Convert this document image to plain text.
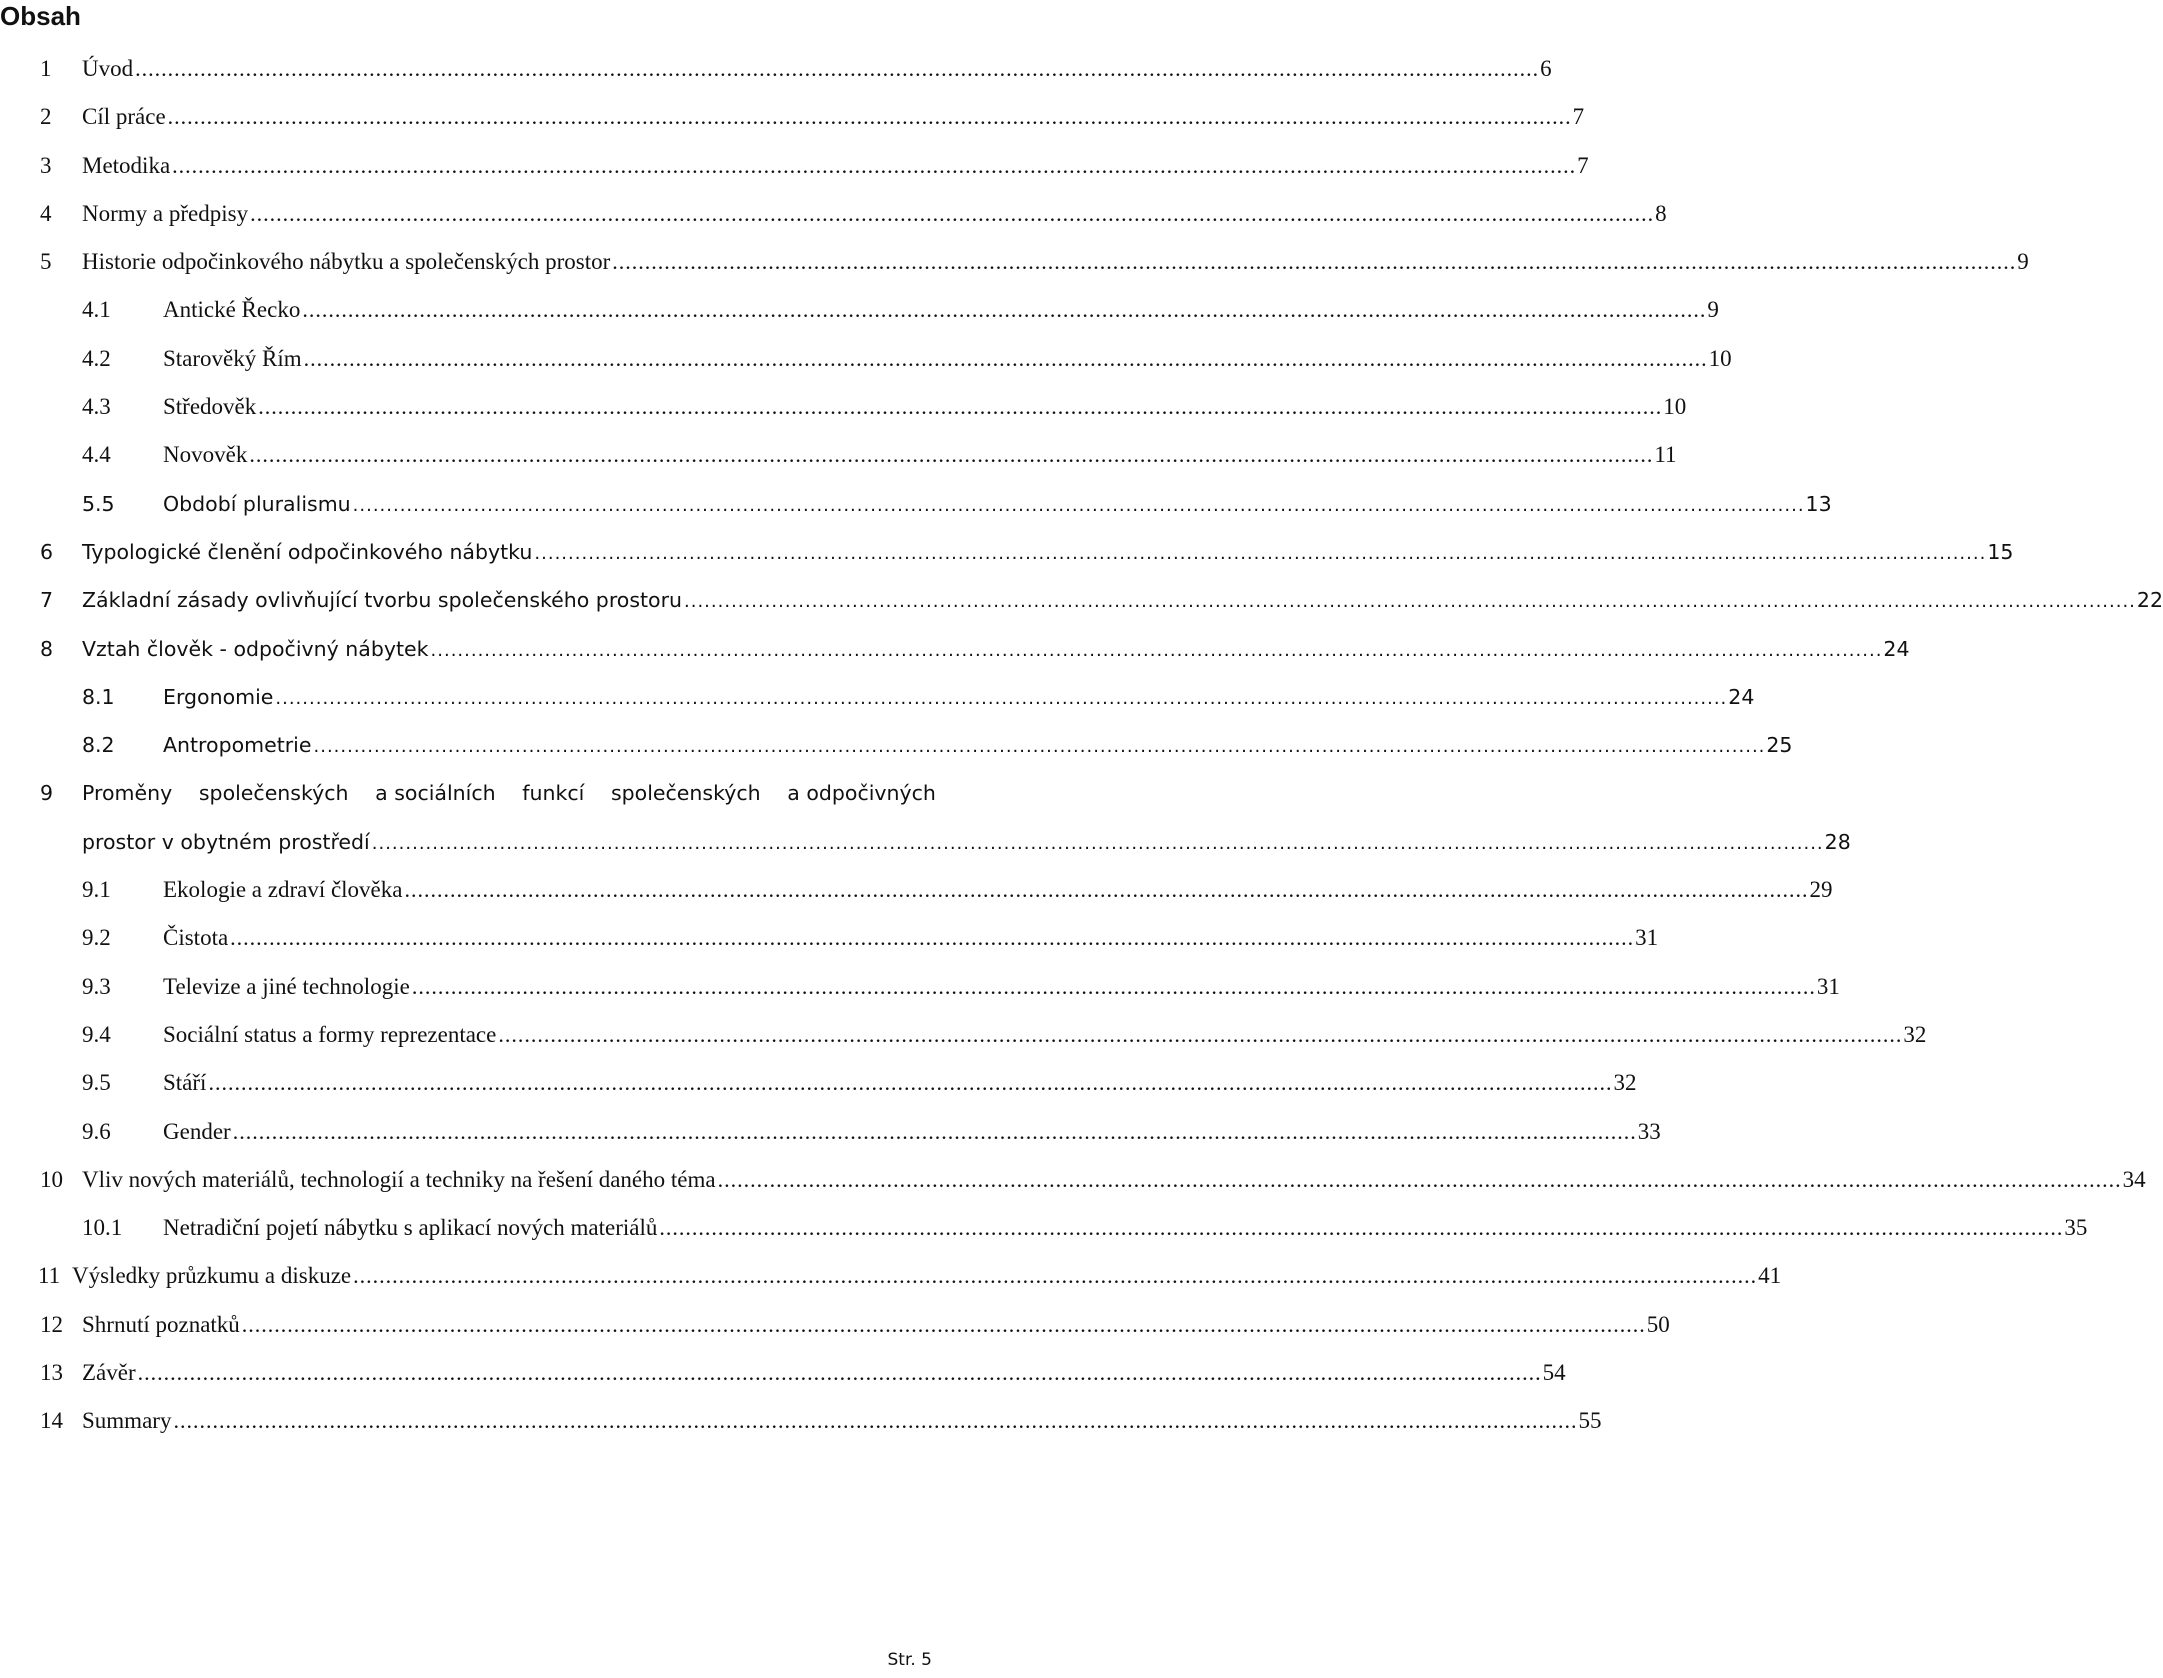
Obsah
1 Úvod ........................................................................................................................................................................................................................ 6
2 Cíl práce ........................................................................................................................................................................................................................ 7
3 Metodika ........................................................................................................................................................................................................................ 7
4 Normy a předpisy ........................................................................................................................................................................................................................ 8
5 Historie odpočinkového nábytku a společenských prostor ........................................................................................................................................................................................................................ 9
4.1 Antické Řecko ........................................................................................................................................................................................................................ 9
4.2 Starověký Řím ........................................................................................................................................................................................................................ 10
4.3 Středověk ........................................................................................................................................................................................................................ 10
4.4 Novověk ........................................................................................................................................................................................................................ 11
5.5 Období pluralismu ........................................................................................................................................................................................................................ 13
6 Typologické členění odpočinkového nábytku ........................................................................................................................................................................................................................ 15
7 Základní zásady ovlivňující tvorbu společenského prostoru ........................................................................................................................................................................................................................ 22
8 Vztah člověk - odpočivný nábytek ........................................................................................................................................................................................................................ 24
8.1 Ergonomie ........................................................................................................................................................................................................................ 24
8.2 Antropometrie ........................................................................................................................................................................................................................ 25
9 Proměny společenských a sociálních funkcí společenských a odpočivných
prostor v obytném prostředí ........................................................................................................................................................................................................................ 28
9.1 Ekologie a zdraví člověka ........................................................................................................................................................................................................................ 29
9.2 Čistota ........................................................................................................................................................................................................................ 31
9.3 Televize a jiné technologie ........................................................................................................................................................................................................................ 31
9.4 Sociální status a formy reprezentace ........................................................................................................................................................................................................................ 32
9.5 Stáří ........................................................................................................................................................................................................................ 32
9.6 Gender ........................................................................................................................................................................................................................ 33
10 Vliv nových materiálů, technologií a techniky na řešení daného téma ........................................................................................................................................................................................................................ 34
10.1 Netradiční pojetí nábytku s aplikací nových materiálů ........................................................................................................................................................................................................................ 35
11 Výsledky průzkumu a diskuze ........................................................................................................................................................................................................................ 41
12 Shrnutí poznatků ........................................................................................................................................................................................................................ 50
13 Závěr ........................................................................................................................................................................................................................ 54
14 Summary ........................................................................................................................................................................................................................ 55
Str. 5
